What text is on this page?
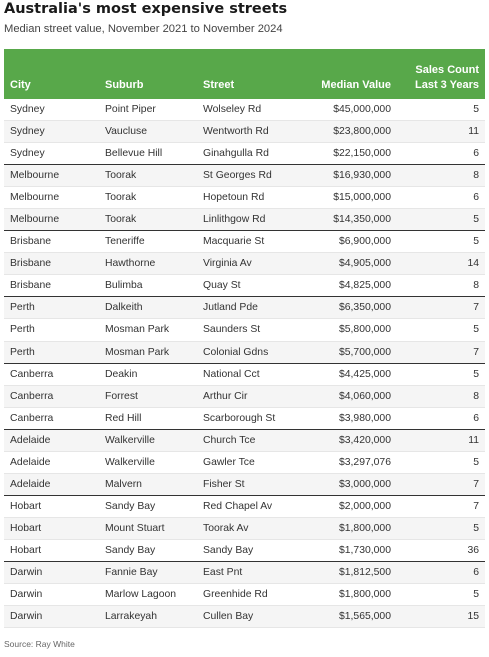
Australia's most expensive streets
Median street value, November 2021 to November 2024
City	Suburb	Street	Median Value	Sales Count
Last 3 Years
Sydney	Point Piper	Wolseley Rd	$45,000,000	5
Sydney	Vaucluse	Wentworth Rd	$23,800,000	11
Sydney	Bellevue Hill	Ginahgulla Rd	$22,150,000	6
Melbourne	Toorak	St Georges Rd	$16,930,000	8
Melbourne	Toorak	Hopetoun Rd	$15,000,000	6
Melbourne	Toorak	Linlithgow Rd	$14,350,000	5
Brisbane	Teneriffe	Macquarie St	$6,900,000	5
Brisbane	Hawthorne	Virginia Av	$4,905,000	14
Brisbane	Bulimba	Quay St	$4,825,000	8
Perth	Dalkeith	Jutland Pde	$6,350,000	7
Perth	Mosman Park	Saunders St	$5,800,000	5
Perth	Mosman Park	Colonial Gdns	$5,700,000	7
Canberra	Deakin	National Cct	$4,425,000	5
Canberra	Forrest	Arthur Cir	$4,060,000	8
Canberra	Red Hill	Scarborough St	$3,980,000	6
Adelaide	Walkerville	Church Tce	$3,420,000	11
Adelaide	Walkerville	Gawler Tce	$3,297,076	5
Adelaide	Malvern	Fisher St	$3,000,000	7
Hobart	Sandy Bay	Red Chapel Av	$2,000,000	7
Hobart	Mount Stuart	Toorak Av	$1,800,000	5
Hobart	Sandy Bay	Sandy Bay	$1,730,000	36
Darwin	Fannie Bay	East Pnt	$1,812,500	6
Darwin	Marlow Lagoon	Greenhide Rd	$1,800,000	5
Darwin	Larrakeyah	Cullen Bay	$1,565,000	15
Source: Ray White
